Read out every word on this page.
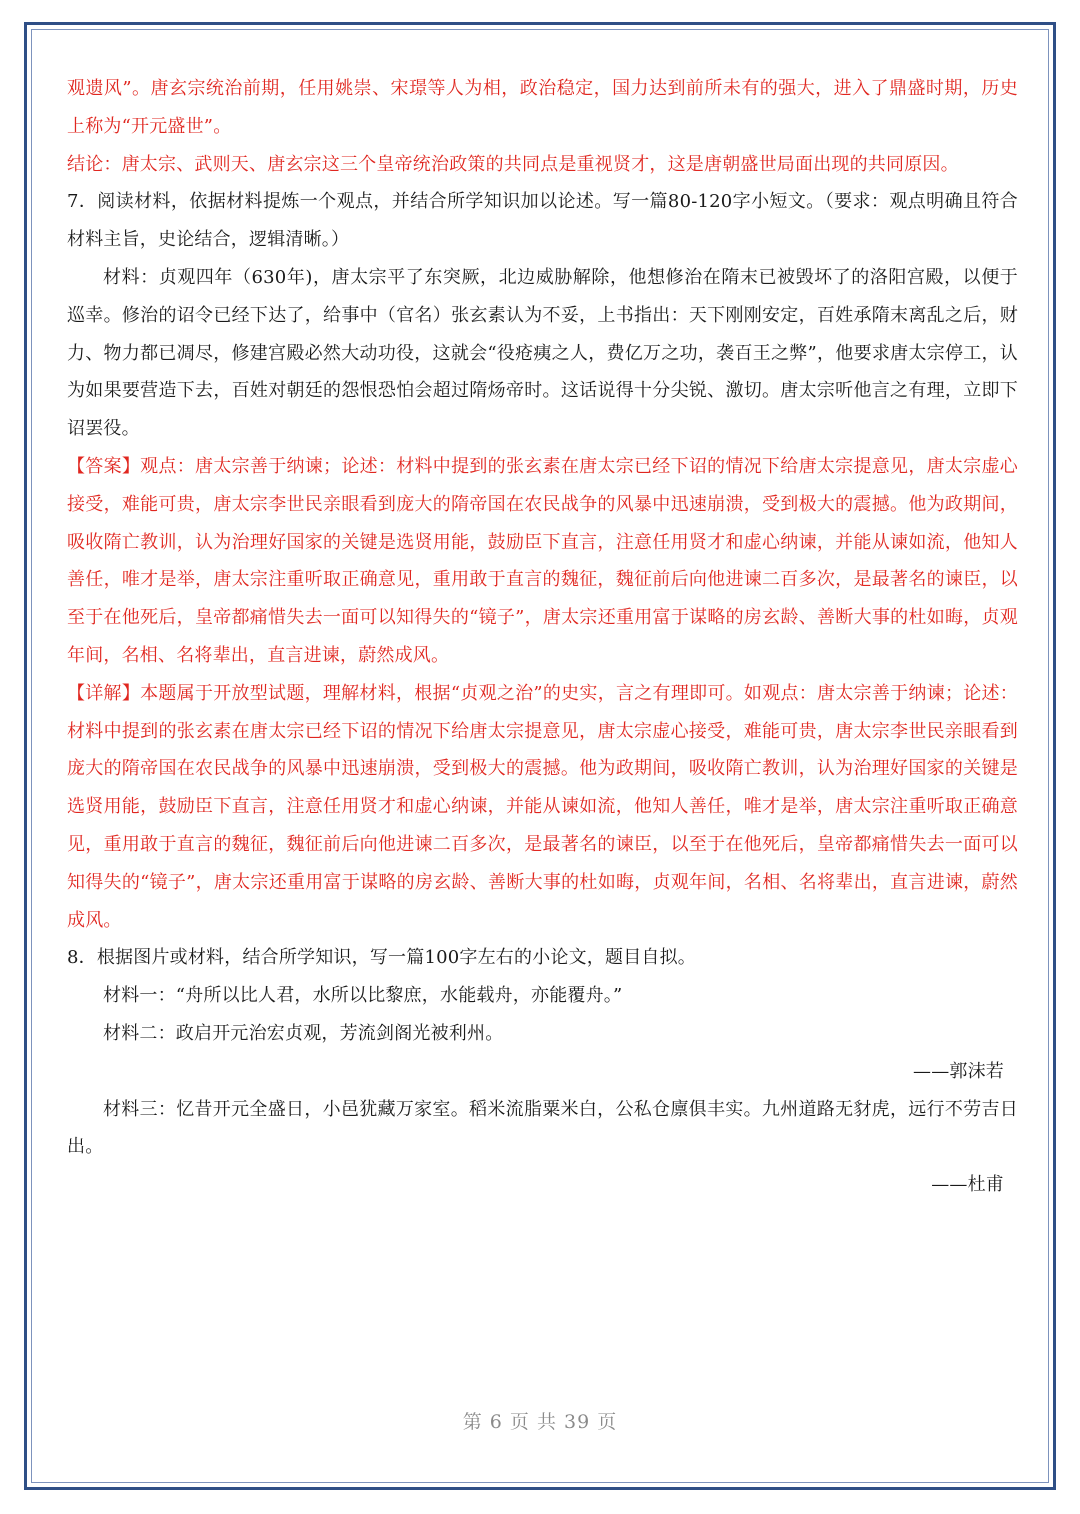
观遗风”。唐玄宗统治前期，任用姚崇、宋璟等人为相，政治稳定，国力达到前所未有的强大，进入了鼎盛时期，历史上称为“开元盛世”。

结论：唐太宗、武则天、唐玄宗这三个皇帝统治政策的共同点是重视贤才，这是唐朝盛世局面出现的共同原因。

7．阅读材料，依据材料提炼一个观点，并结合所学知识加以论述。写一篇80-120字小短文。（要求：观点明确且符合材料主旨，史论结合，逻辑清晰。）

材料：贞观四年（630年)，唐太宗平了东突厥，北边威胁解除，他想修治在隋末已被毁坏了的洛阳宫殿，以便于巡幸。修治的诏令已经下达了，给事中（官名）张玄素认为不妥，上书指出：天下刚刚安定，百姓承隋末离乱之后，财力、物力都已凋尽，修建宫殿必然大动功役，这就会“役疮痍之人，费亿万之功，袭百王之弊”，他要求唐太宗停工，认为如果要营造下去，百姓对朝廷的怨恨恐怕会超过隋炀帝时。这话说得十分尖锐、激切。唐太宗听他言之有理，立即下诏罢役。

【答案】观点：唐太宗善于纳谏；论述：材料中提到的张玄素在唐太宗已经下诏的情况下给唐太宗提意见，唐太宗虚心接受，难能可贵，唐太宗李世民亲眼看到庞大的隋帝国在农民战争的风暴中迅速崩溃，受到极大的震撼。他为政期间，吸收隋亡教训，认为治理好国家的关键是选贤用能，鼓励臣下直言，注意任用贤才和虚心纳谏，并能从谏如流，他知人善任，唯才是举，唐太宗注重听取正确意见，重用敢于直言的魏征，魏征前后向他进谏二百多次，是最著名的谏臣，以至于在他死后，皇帝都痛惜失去一面可以知得失的“镜子”，唐太宗还重用富于谋略的房玄龄、善断大事的杜如晦，贞观年间，名相、名将辈出，直言进谏，蔚然成风。

【详解】本题属于开放型试题，理解材料，根据“贞观之治”的史实，言之有理即可。如观点：唐太宗善于纳谏；论述：材料中提到的张玄素在唐太宗已经下诏的情况下给唐太宗提意见，唐太宗虚心接受，难能可贵，唐太宗李世民亲眼看到庞大的隋帝国在农民战争的风暴中迅速崩溃，受到极大的震撼。他为政期间，吸收隋亡教训，认为治理好国家的关键是选贤用能，鼓励臣下直言，注意任用贤才和虚心纳谏，并能从谏如流，他知人善任，唯才是举，唐太宗注重听取正确意见，重用敢于直言的魏征，魏征前后向他进谏二百多次，是最著名的谏臣，以至于在他死后，皇帝都痛惜失去一面可以知得失的“镜子”，唐太宗还重用富于谋略的房玄龄、善断大事的杜如晦，贞观年间，名相、名将辈出，直言进谏，蔚然成风。

8．根据图片或材料，结合所学知识，写一篇100字左右的小论文，题目自拟。

材料一：“舟所以比人君，水所以比黎庶，水能载舟，亦能覆舟。”

材料二：政启开元治宏贞观，芳流剑阁光被利州。

——郭沫若

材料三：忆昔开元全盛日，小邑犹藏万家室。稻米流脂粟米白，公私仓廪俱丰实。九州道路无豺虎，远行不劳吉日出。

——杜甫

第 6 页 共 39 页
